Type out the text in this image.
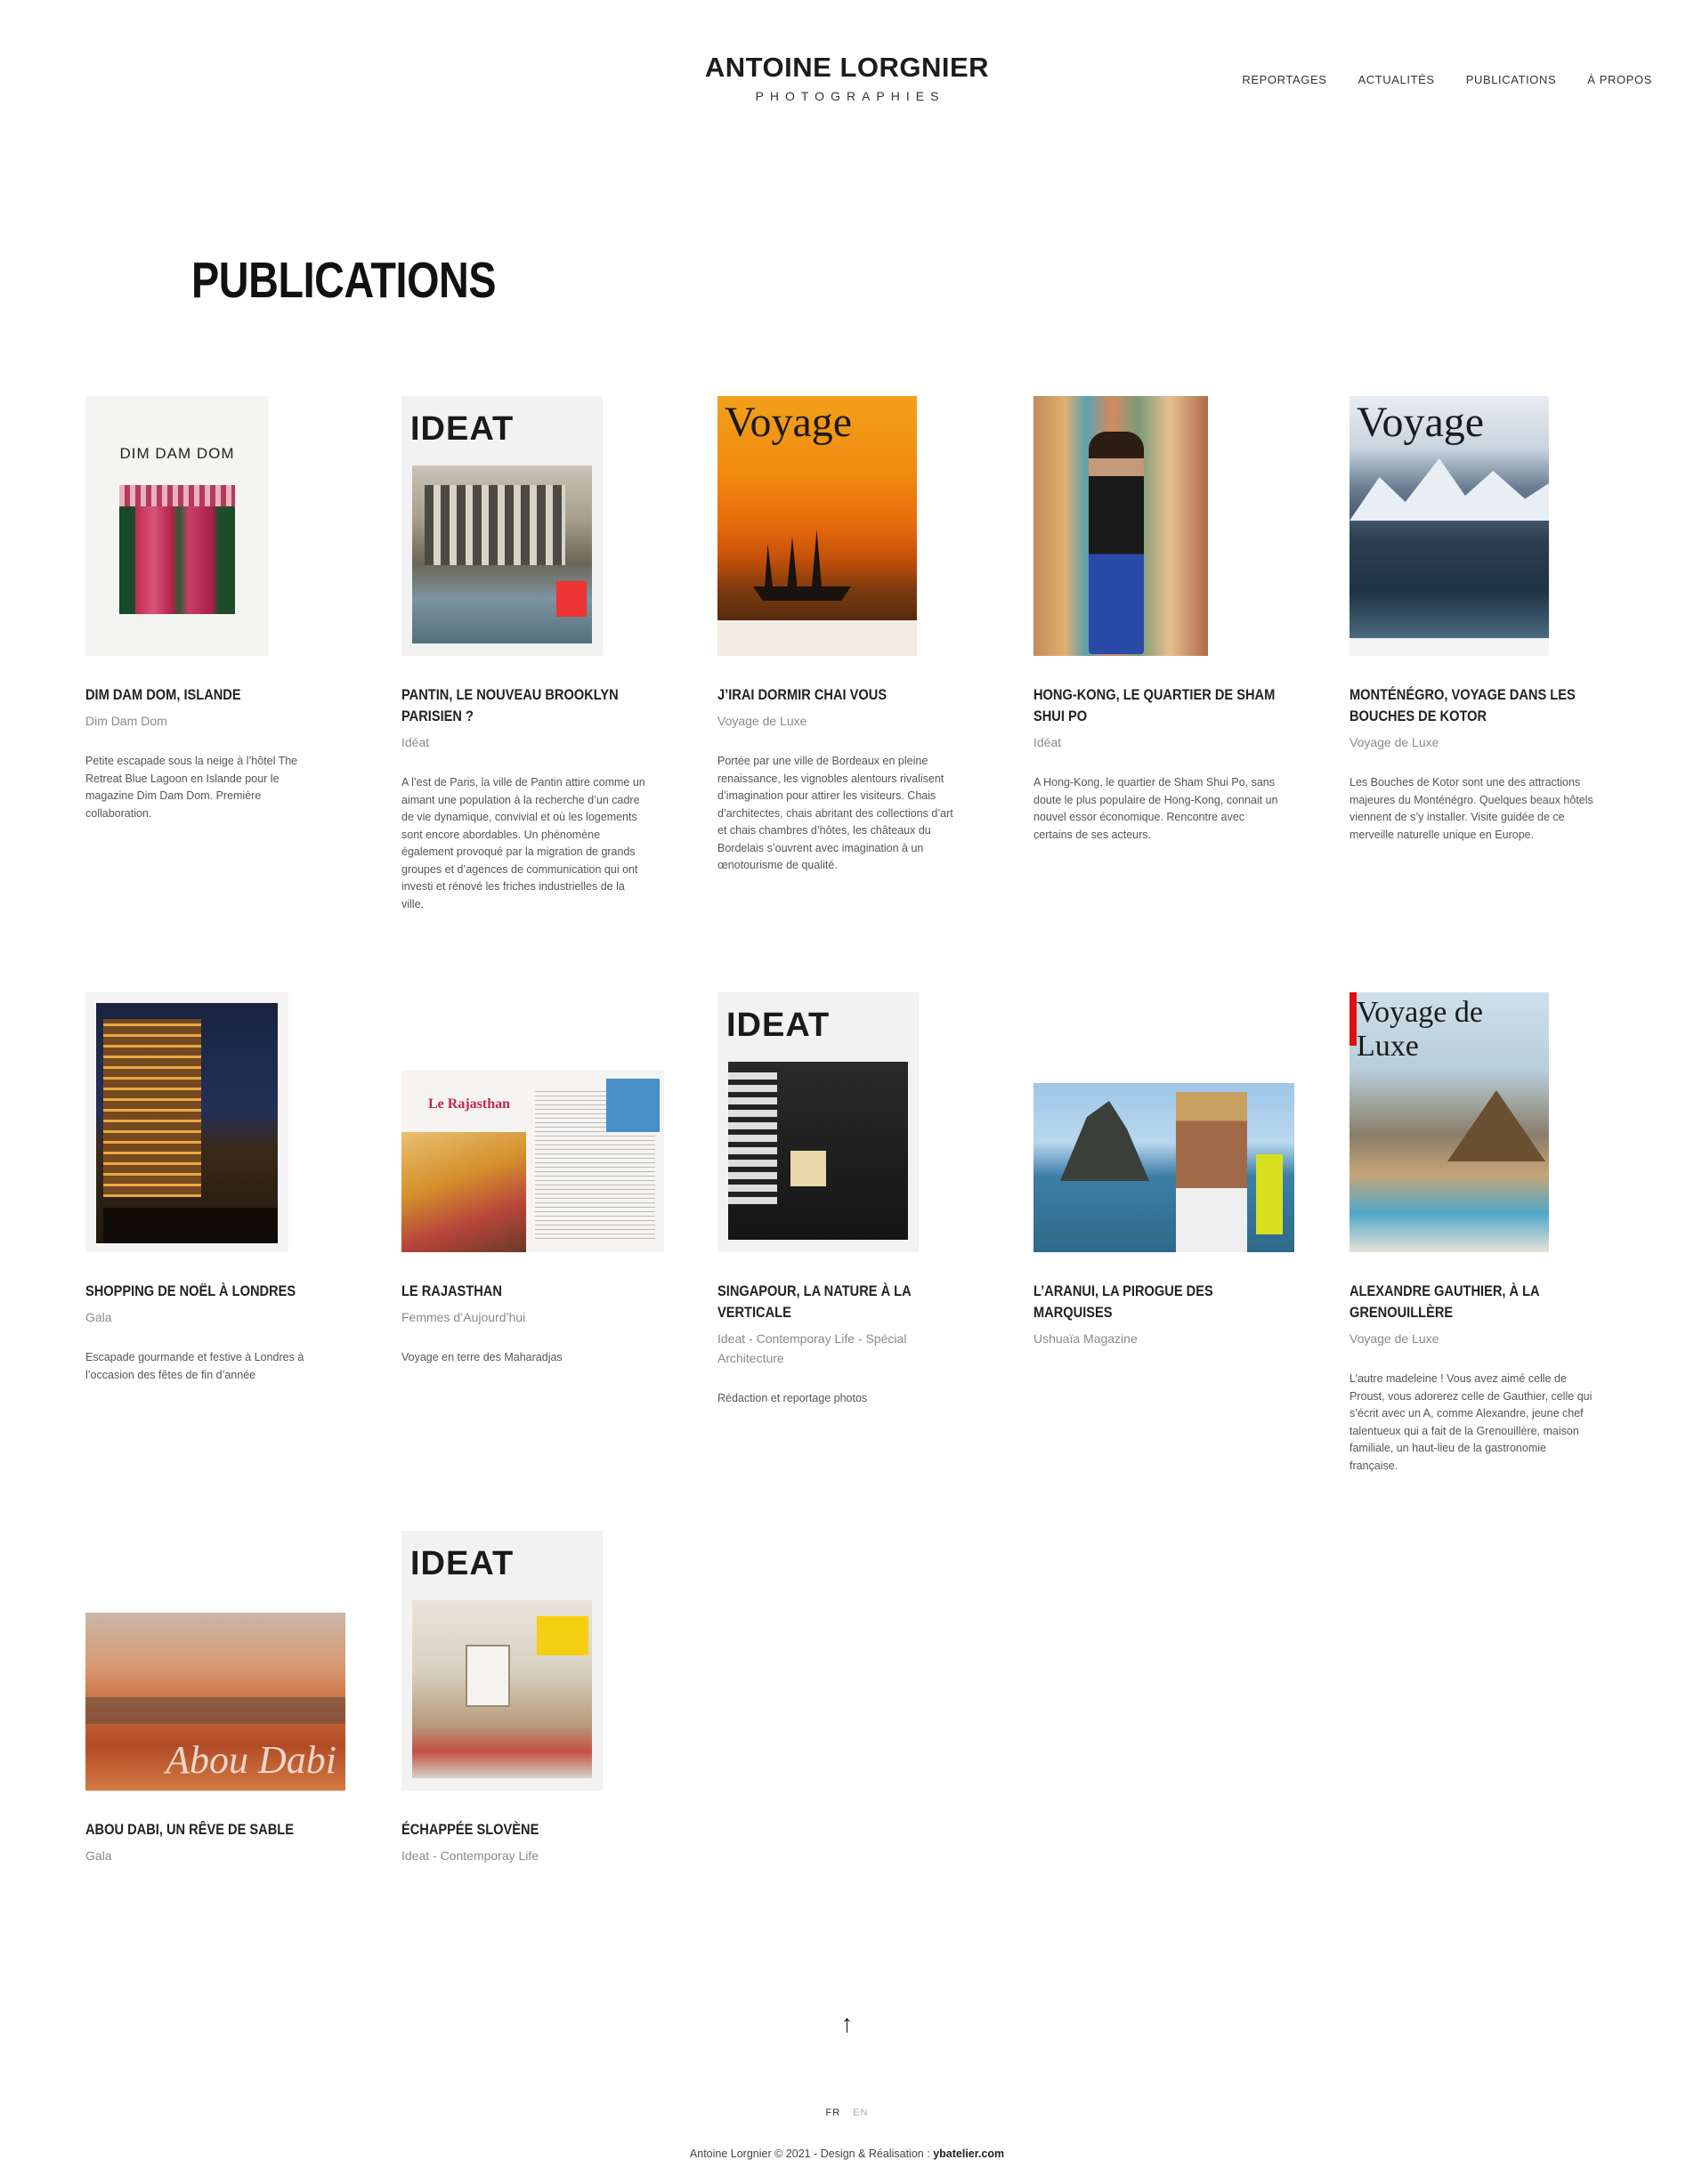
ANTOINE LORGNIER
PHOTOGRAPHIES
REPORTAGES	ACTUALITÉS	PUBLICATIONS	À PROPOS
PUBLICATIONS
DIM DAM DOM
DIM DAM DOM, ISLANDE
Dim Dam Dom
Petite escapade sous la neige à l’hôtel The Retreat Blue Lagoon en Islande pour le magazine Dim Dam Dom. Première collaboration.
IDEAT
PANTIN, LE NOUVEAU BROOKLYN PARISIEN ?
Idéat
A l’est de Paris, la ville de Pantin attire comme un aimant une population à la recherche d’un cadre de vie dynamique, convivial et où les logements sont encore abordables. Un phénomène également provoqué par la migration de grands groupes et d’agences de communication qui ont investi et rénové les friches industrielles de la ville.
Voyage
J’IRAI DORMIR CHAI VOUS
Voyage de Luxe
Portée par une ville de Bordeaux en pleine renaissance, les vignobles alentours rivalisent d’imagination pour attirer les visiteurs. Chais d’architectes, chais abritant des collections d’art et chais chambres d’hôtes, les châteaux du Bordelais s’ouvrent avec imagination à un œnotourisme de qualité.
HONG-KONG, LE QUARTIER DE SHAM SHUI PO
Idéat
A Hong-Kong, le quartier de Sham Shui Po, sans doute le plus populaire de Hong-Kong, connait un nouvel essor économique. Rencontre avec certains de ses acteurs.
Voyage
MONTÉNÉGRO, VOYAGE DANS LES BOUCHES DE KOTOR
Voyage de Luxe
Les Bouches de Kotor sont une des attractions majeures du Monténégro. Quelques beaux hôtels viennent de s’y installer. Visite guidée de ce merveille naturelle unique en Europe.
SHOPPING DE NOËL À LONDRES
Gala
Escapade gourmande et festive à Londres à l’occasion des fêtes de fin d’année
Le Rajasthan
LE RAJASTHAN
Femmes d’Aujourd’hui
Voyage en terre des Maharadjas
IDEAT
SINGAPOUR, LA NATURE À LA VERTICALE
Ideat - Contemporay Life - Spécial Architecture
Rédaction et reportage photos
L’ARANUI, LA PIROGUE DES MARQUISES
Ushuaïa Magazine
Voyage de Luxe
ALEXANDRE GAUTHIER, À LA GRENOUILLÈRE
Voyage de Luxe
L’autre madeleine ! Vous avez aimé celle de Proust, vous adorerez celle de Gauthier, celle qui s’écrit avec un A, comme Alexandre, jeune chef talentueux qui a fait de la Grenouillère, maison familiale, un haut-lieu de la gastronomie française.
Abou Dabi
ABOU DABI, UN RÊVE DE SABLE
Gala
IDEAT
ÉCHAPPÉE SLOVÈNE
Ideat - Contemporay Life
↑
FR EN
Antoine Lorgnier © 2021 - Design & Réalisation : ybatelier.com
